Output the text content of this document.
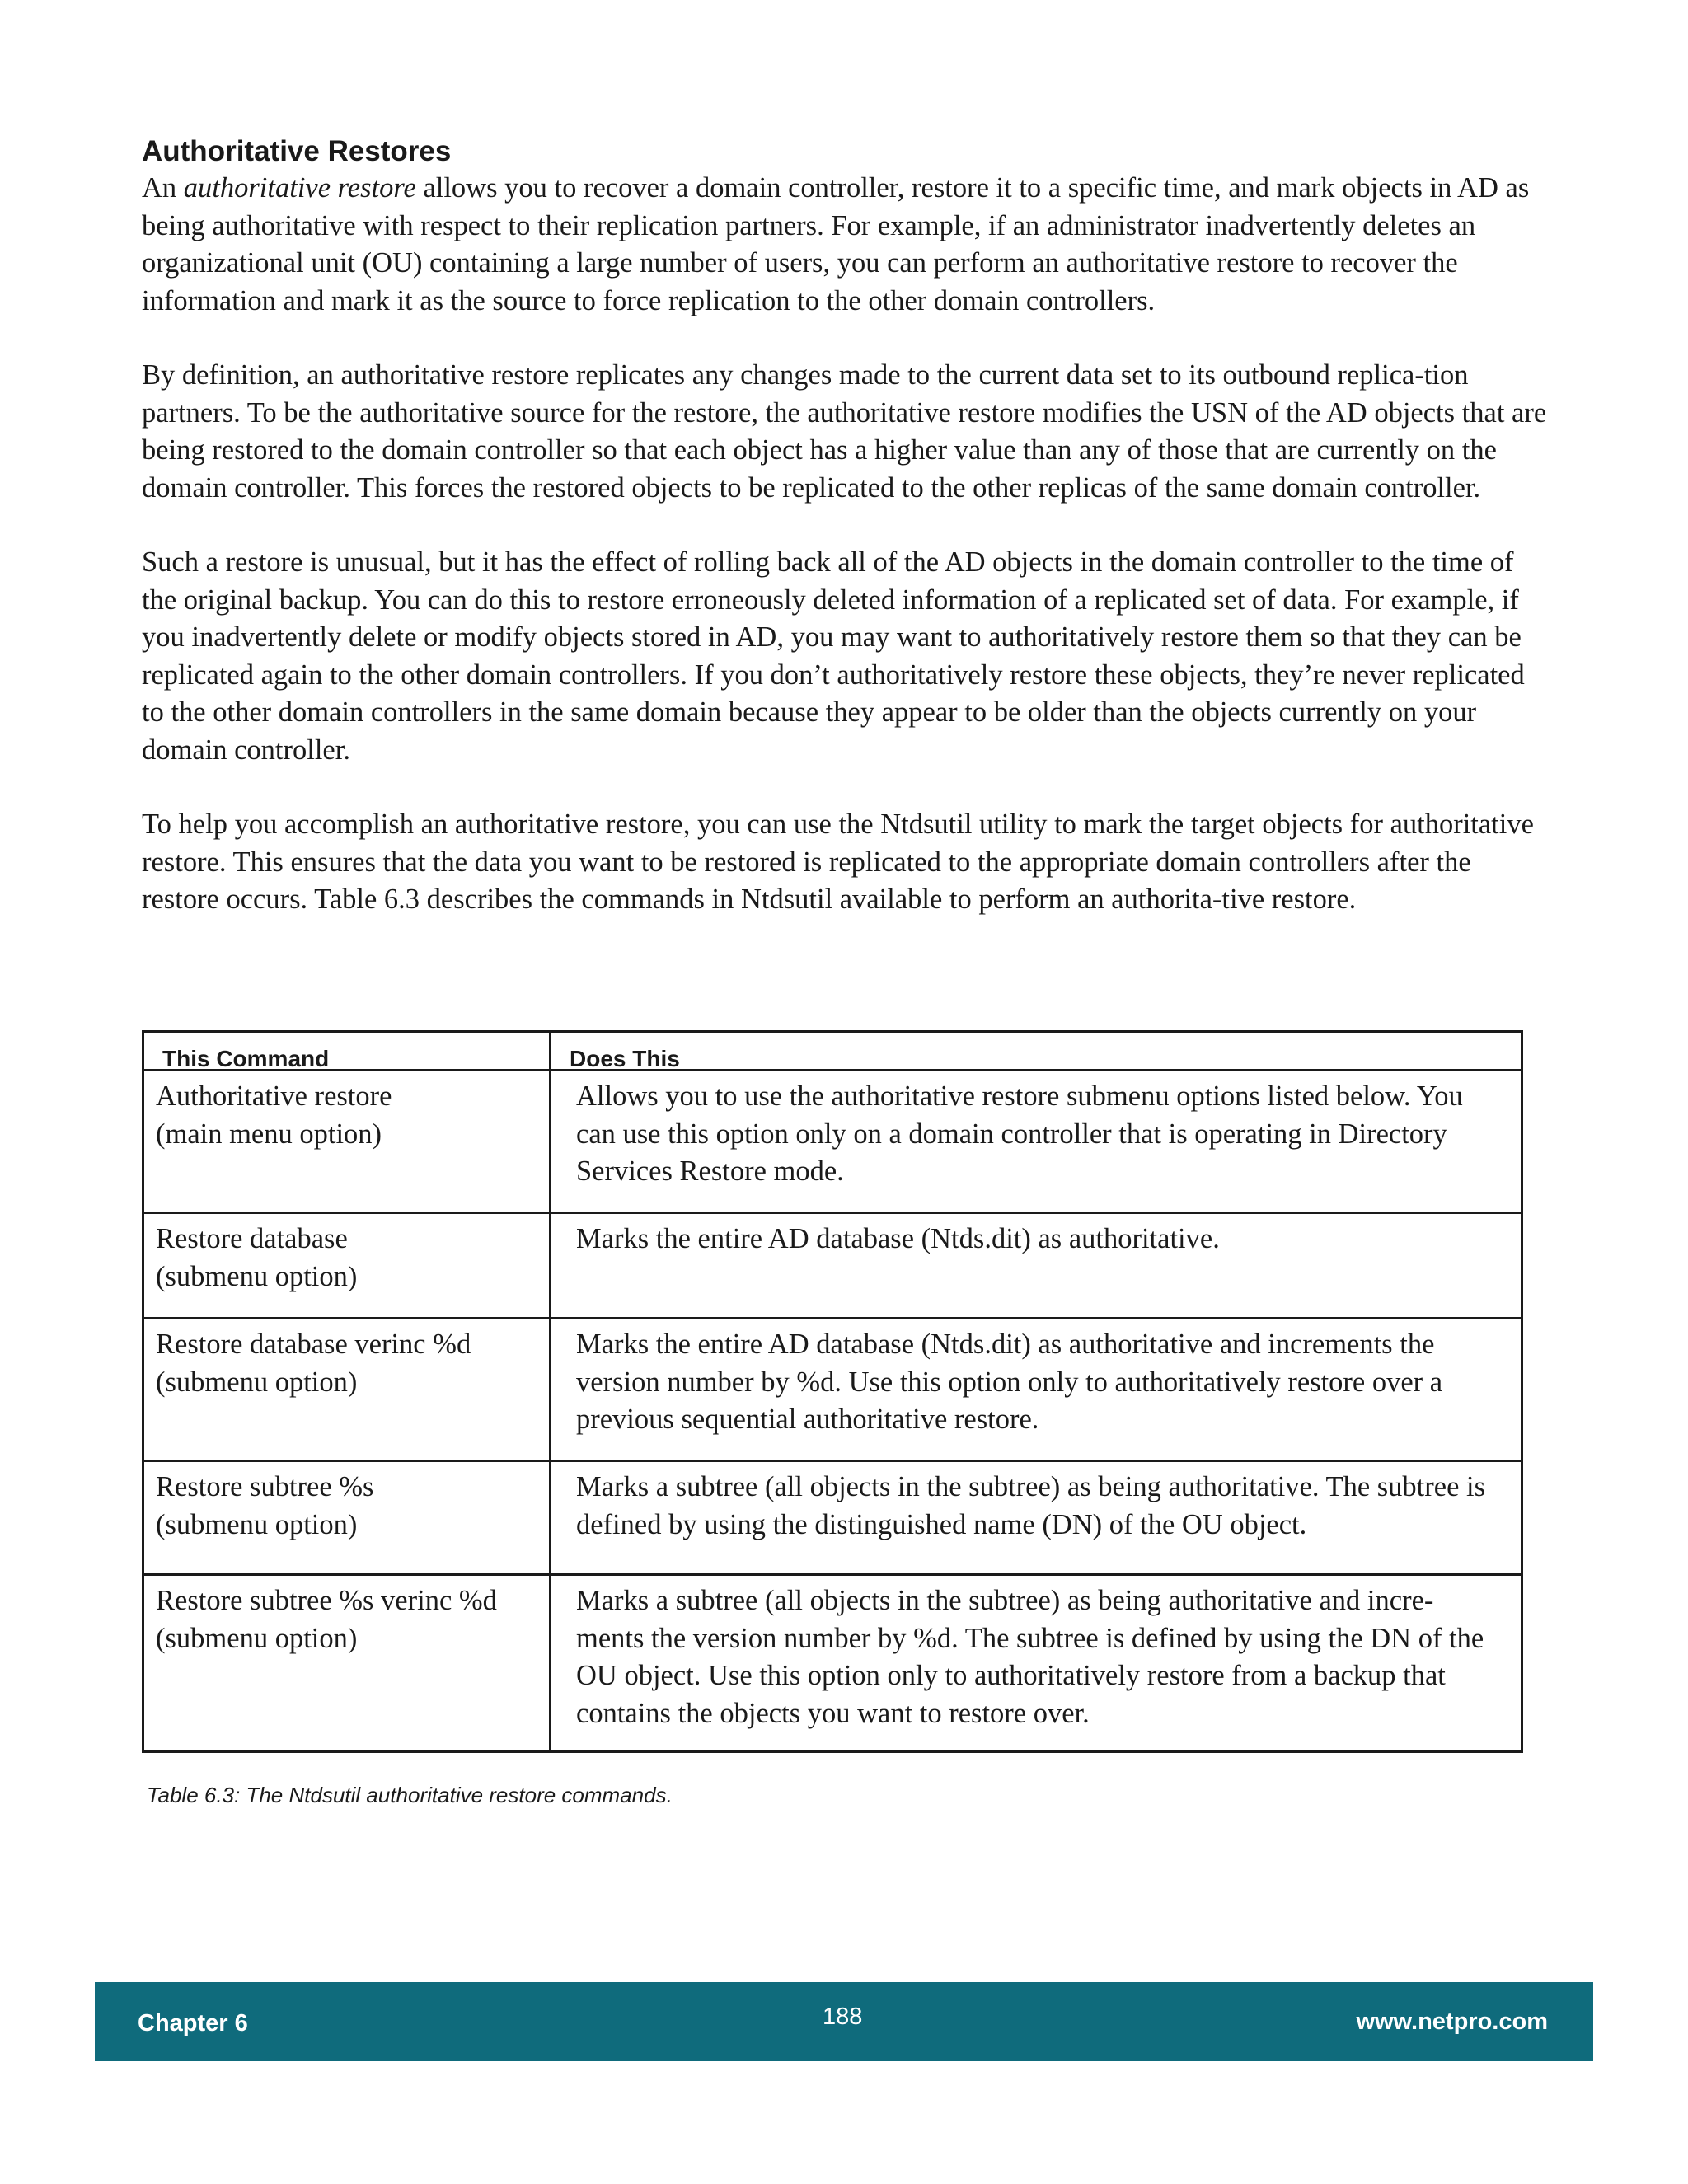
Authoritative Restores

An authoritative restore allows you to recover a domain controller, restore it to a specific time, and mark objects in AD as being authoritative with respect to their replication partners. For example, if an administrator inadvertently deletes an organizational unit (OU) containing a large number of users, you can perform an authoritative restore to recover the information and mark it as the source to force replication to the other domain controllers.

By definition, an authoritative restore replicates any changes made to the current data set to its outbound replica-tion partners. To be the authoritative source for the restore, the authoritative restore modifies the USN of the AD objects that are being restored to the domain controller so that each object has a higher value than any of those that are currently on the domain controller. This forces the restored objects to be replicated to the other replicas of the same domain controller.

Such a restore is unusual, but it has the effect of rolling back all of the AD objects in the domain controller to the time of the original backup. You can do this to restore erroneously deleted information of a replicated set of data. For example, if you inadvertently delete or modify objects stored in AD, you may want to authoritatively restore them so that they can be replicated again to the other domain controllers. If you don’t authoritatively restore these objects, they’re never replicated to the other domain controllers in the same domain because they appear to be older than the objects currently on your domain controller.

To help you accomplish an authoritative restore, you can use the Ntdsutil utility to mark the target objects for authoritative restore. This ensures that the data you want to be restored is replicated to the appropriate domain controllers after the restore occurs. Table 6.3 describes the commands in Ntdsutil available to perform an authorita-tive restore.

This Command	Does This
Authoritative restore
(main menu option)	Allows you to use the authoritative restore submenu options listed below. You can use this option only on a domain controller that is operating in Directory Services Restore mode.
Restore database
(submenu option)	Marks the entire AD database (Ntds.dit) as authoritative.
Restore database verinc %d
(submenu option)	Marks the entire AD database (Ntds.dit) as authoritative and increments the version number by %d. Use this option only to authoritatively restore over a previous sequential authoritative restore.
Restore subtree %s
(submenu option)	Marks a subtree (all objects in the subtree) as being authoritative. The subtree is defined by using the distinguished name (DN) of the OU object.
Restore subtree %s verinc %d
(submenu option)	Marks a subtree (all objects in the subtree) as being authoritative and incre-ments the version number by %d. The subtree is defined by using the DN of the OU object. Use this option only to authoritatively restore from a backup that contains the objects you want to restore over.

Table 6.3: The Ntdsutil authoritative restore commands.

Chapter 6	188	www.netpro.com
